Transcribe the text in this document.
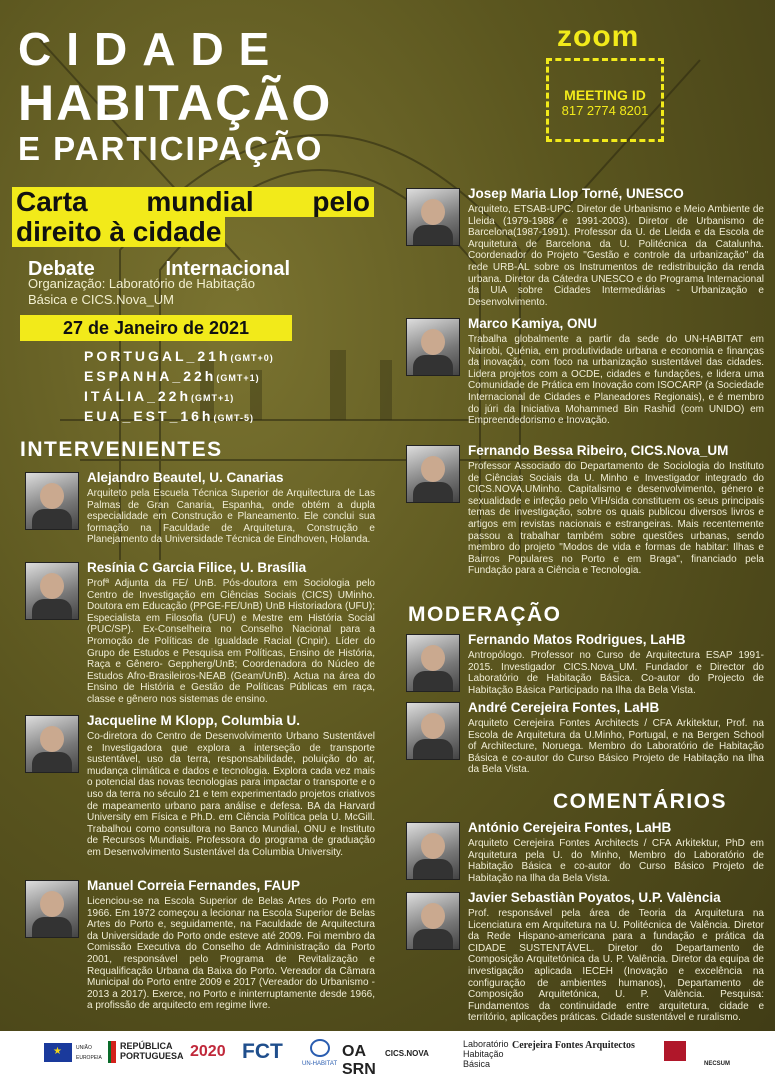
CIDADE
HABITAÇÃO
E PARTICIPAÇÃO
zoom
MEETING ID
817 2774 8201
Carta mundial pelo
direito à cidade
Debate Internacional
Organização: Laboratório de Habitação Básica e CICS.Nova_UM
27 de Janeiro de 2021
PORTUGAL_21h(GMT+0)
ESPANHA_22h(GMT+1)
ITÁLIA_22h(GMT+1)
EUA_EST_16h(GMT-5)
INTERVENIENTES
MODERAÇÃO
COMENTÁRIOS
Alejandro Beautel, U. Canarias
Arquiteto pela Escuela Técnica Superior de Arquitectura de Las Palmas de Gran Canaria, Espanha, onde obtém a dupla especialidade em Construção e Planeamento. Ele conclui sua formação na Faculdade de Arquitetura, Construção e Planejamento da Universidade Técnica de Eindhoven, Holanda.
Resínia C Garcia Filice, U. Brasília
Profª Adjunta da FE/ UnB. Pós-doutora em Sociologia pelo Centro de Investigação em Ciências Sociais (CICS) UMinho. Doutora em Educação (PPGE-FE/UnB) UnB Historiadora (UFU); Especialista em Filosofia (UFU) e Mestre em História Social (PUC/SP). Ex-Conselheira no Conselho Nacional para a Promoção de Políticas de Igualdade Racial (Cnpir). Líder do Grupo de Estudos e Pesquisa em Políticas, Ensino de História, Raça e Gênero- Geppherg/UnB; Coordenadora do Núcleo de Estudos Afro-Brasileiros-NEAB (Geam/UnB). Actua na área do Ensino de História e Gestão de Políticas Públicas em raça, classe e gênero nos sistemas de ensino.
Jacqueline M Klopp, Columbia U.
Co-diretora do Centro de Desenvolvimento Urbano Sustentável e Investigadora que explora a interseção de transporte sustentável, uso da terra, responsabilidade, poluição do ar, mudança climática e dados e tecnologia. Explora cada vez mais o potencial das novas tecnologias para impactar o transporte e o uso da terra no século 21 e tem experimentado projetos criativos de mapeamento urbano para análise e defesa. BA da Harvard University em Física e Ph.D. em Ciência Política pela U. McGill. Trabalhou como consultora no Banco Mundial, ONU e Instituto de Recursos Mundiais. Professora do programa de graduação em Desenvolvimento Sustentável da Columbia University.
Manuel Correia Fernandes, FAUP
Licenciou-se na Escola Superior de Belas Artes do Porto em 1966. Em 1972 começou a lecionar na Escola Superior de Belas Artes do Porto e, seguidamente, na Faculdade de Arquitectura da Universidade do Porto onde esteve até 2009. Foi membro da Comissão Executiva do Conselho de Administração da Porto 2001, responsável pelo Programa de Revitalização e Requalificação Urbana da Baixa do Porto. Vereador da Câmara Municipal do Porto entre 2009 e 2017 (Vereador do Urbanismo - 2013 a 2017). Exerce, no Porto e ininterruptamente desde 1966, a profissão de arquitecto em regime livre.
Josep Maria Llop Torné, UNESCO
Arquiteto, ETSAB-UPC. Diretor de Urbanismo e Meio Ambiente de Lleida (1979-1988 e 1991-2003). Diretor de Urbanismo de Barcelona(1987-1991). Professor da U. de Lleida e da Escola de Arquitetura de Barcelona da U. Politécnica da Catalunha. Coordenador do Projeto "Gestão e controle da urbanização" da rede URB-AL sobre os Instrumentos de redistribuição da renda urbana. Diretor da Cátedra UNESCO e do Programa Internacional da UIA sobre Cidades Intermediárias - Urbanização e Desenvolvimento.
Marco Kamiya, ONU
Trabalha globalmente a partir da sede do UN-HABITAT em Nairobi, Quénia, em produtividade urbana e economia e finanças da inovação, com foco na urbanização sustentável das cidades. Lidera projetos com a OCDE, cidades e fundações, e lidera uma Comunidade de Prática em Inovação com ISOCARP (a Sociedade Internacional de Cidades e Planeadores Regionais), e é membro do júri da Iniciativa Mohammed Bin Rashid (com UNIDO) em Empreendedorismo e Inovação.
Fernando Bessa Ribeiro, CICS.Nova_UM
Professor Associado do Departamento de Sociologia do Instituto de Ciências Sociais da U. Minho e Investigador integrado do CICS.NOVA.UMinho. Capitalismo e desenvolvimento, género e sexualidade e infeção pelo VIH/sida constituem os seus principais temas de investigação, sobre os quais publicou diversos livros e artigos em revistas nacionais e estrangeiras. Mais recentemente passou a trabalhar também sobre questões urbanas, sendo membro do projeto "Modos de vida e formas de habitar: Ilhas e Bairros Populares no Porto e em Braga", financiado pela Fundação para a Ciência e Tecnologia.
Fernando Matos Rodrigues, LaHB
Antropólogo. Professor no Curso de Arquitectura ESAP 1991-2015. Investigador CICS.Nova_UM. Fundador e Director do Laboratório de Habitação Básica. Co-autor do Projecto de Habitação Básica Participado na Ilha da Bela Vista.
André Cerejeira Fontes, LaHB
Arquiteto Cerejeira Fontes Architects / CFA Arkitektur, Prof. na Escola de Arquitetura da U.Minho, Portugal, e na Bergen School of Architecture, Noruega. Membro do Laboratório de Habitação Básica e co-autor do Curso Básico Projeto de Habitação na Ilha da Bela Vista.
António Cerejeira Fontes, LaHB
Arquiteto Cerejeira Fontes Architects / CFA Arkitektur, PhD em Arquitetura pela U. do Minho, Membro do Laboratório de Habitação Básica e co-autor do Curso Básico Projeto de Habitação na Ilha da Bela Vista.
Javier Sebastiàn Poyatos, U.P. València
Prof. responsável pela área de Teoria da Arquitetura na Licenciatura em Arquitetura na U. Politécnica de Valência. Diretor da Rede Hispano-americana para a fundação e prática da CIDADE SUSTENTÁVEL. Diretor do Departamento de Composição Arquitetónica da U. P. Valência. Diretor da equipa de investigação aplicada IECEH (Inovação e excelência na configuração de ambientes humanos), Departamento de Composição Arquitetónica, U. P. València. Pesquisa: Fundamentos da continuidade entre arquitetura, cidade e território, aplicações práticas. Cidade sustentável e ruralismo.
★
UNIÃO EUROPEIA
REPÚBLICA PORTUGUESA 2020 FCT
UN-HABITAT
OA SRN
CICS.NOVA
Laboratório Habitação Básica
Cerejeira Fontes Arquitectos
NECSUM
